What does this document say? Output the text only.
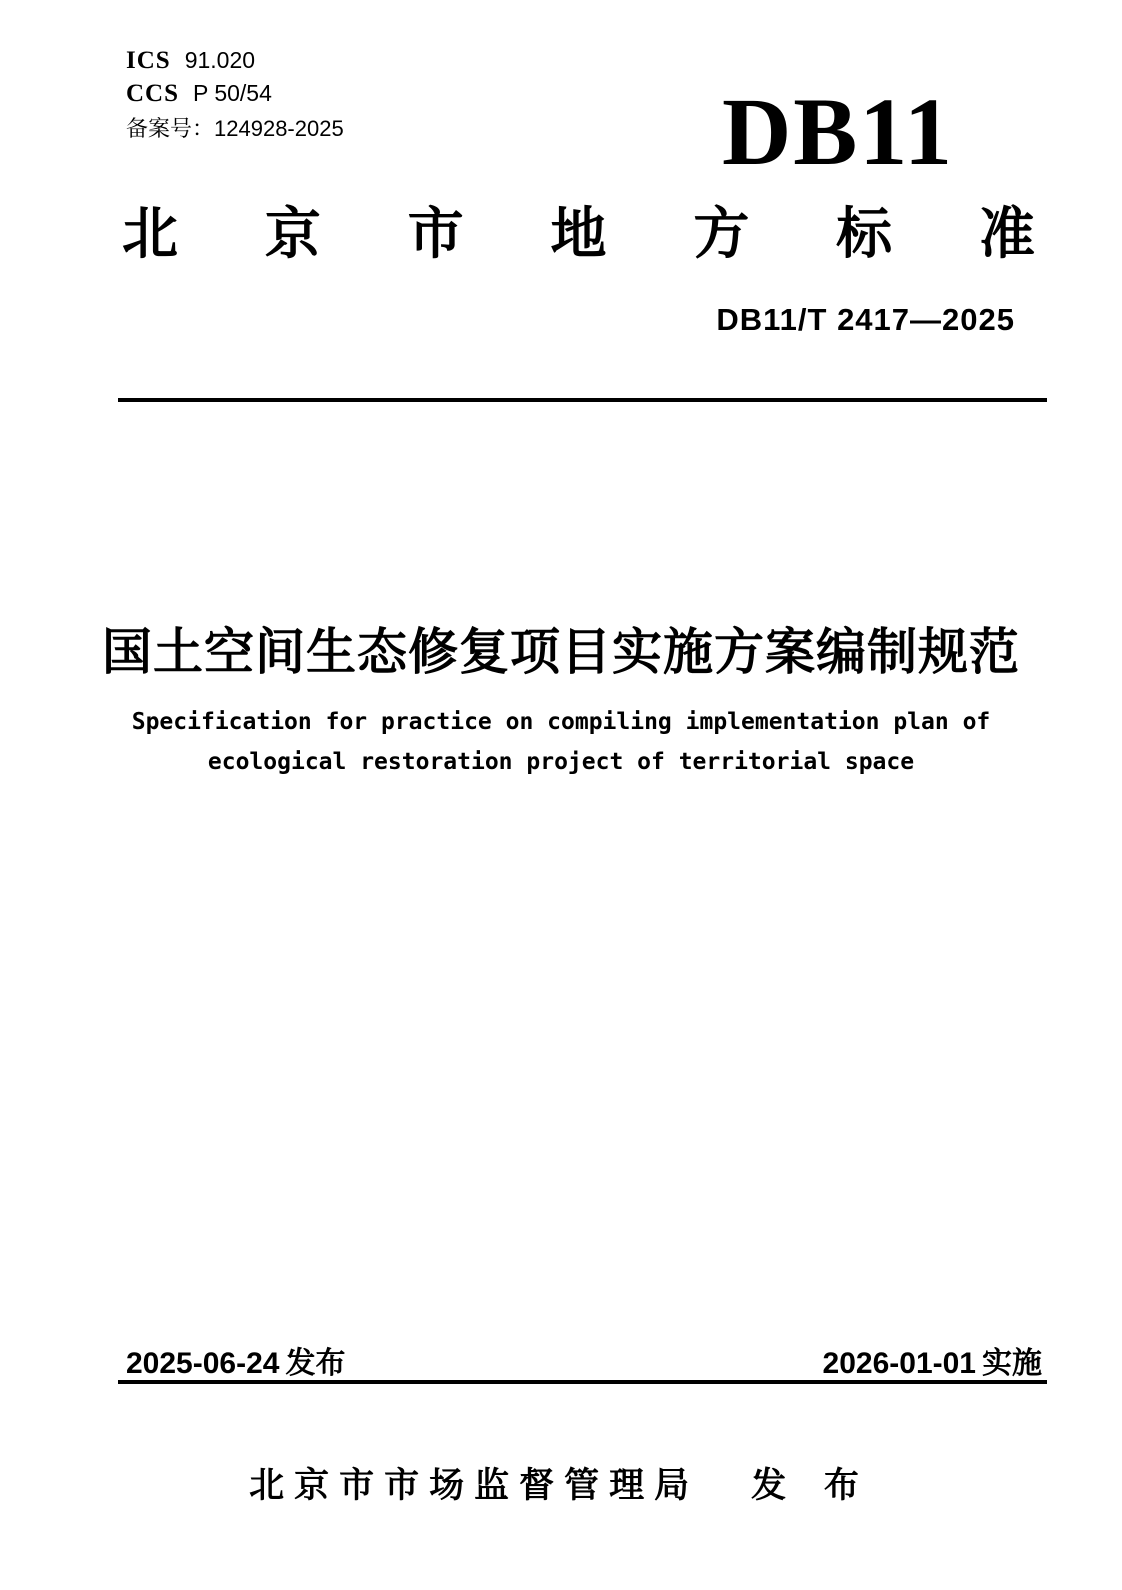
ICS 91.020
CCS P 50/54
备案号：124928-2025	DB11
北 京 市 地 方 标 准
DB11/T 2417—2025
国土空间生态修复项目实施方案编制规范
Specification for practice on compiling implementation plan of
ecological restoration project of territorial space
2025-06-24 发布	2026-01-01 实施
北京市市场监督管理局 发 布
